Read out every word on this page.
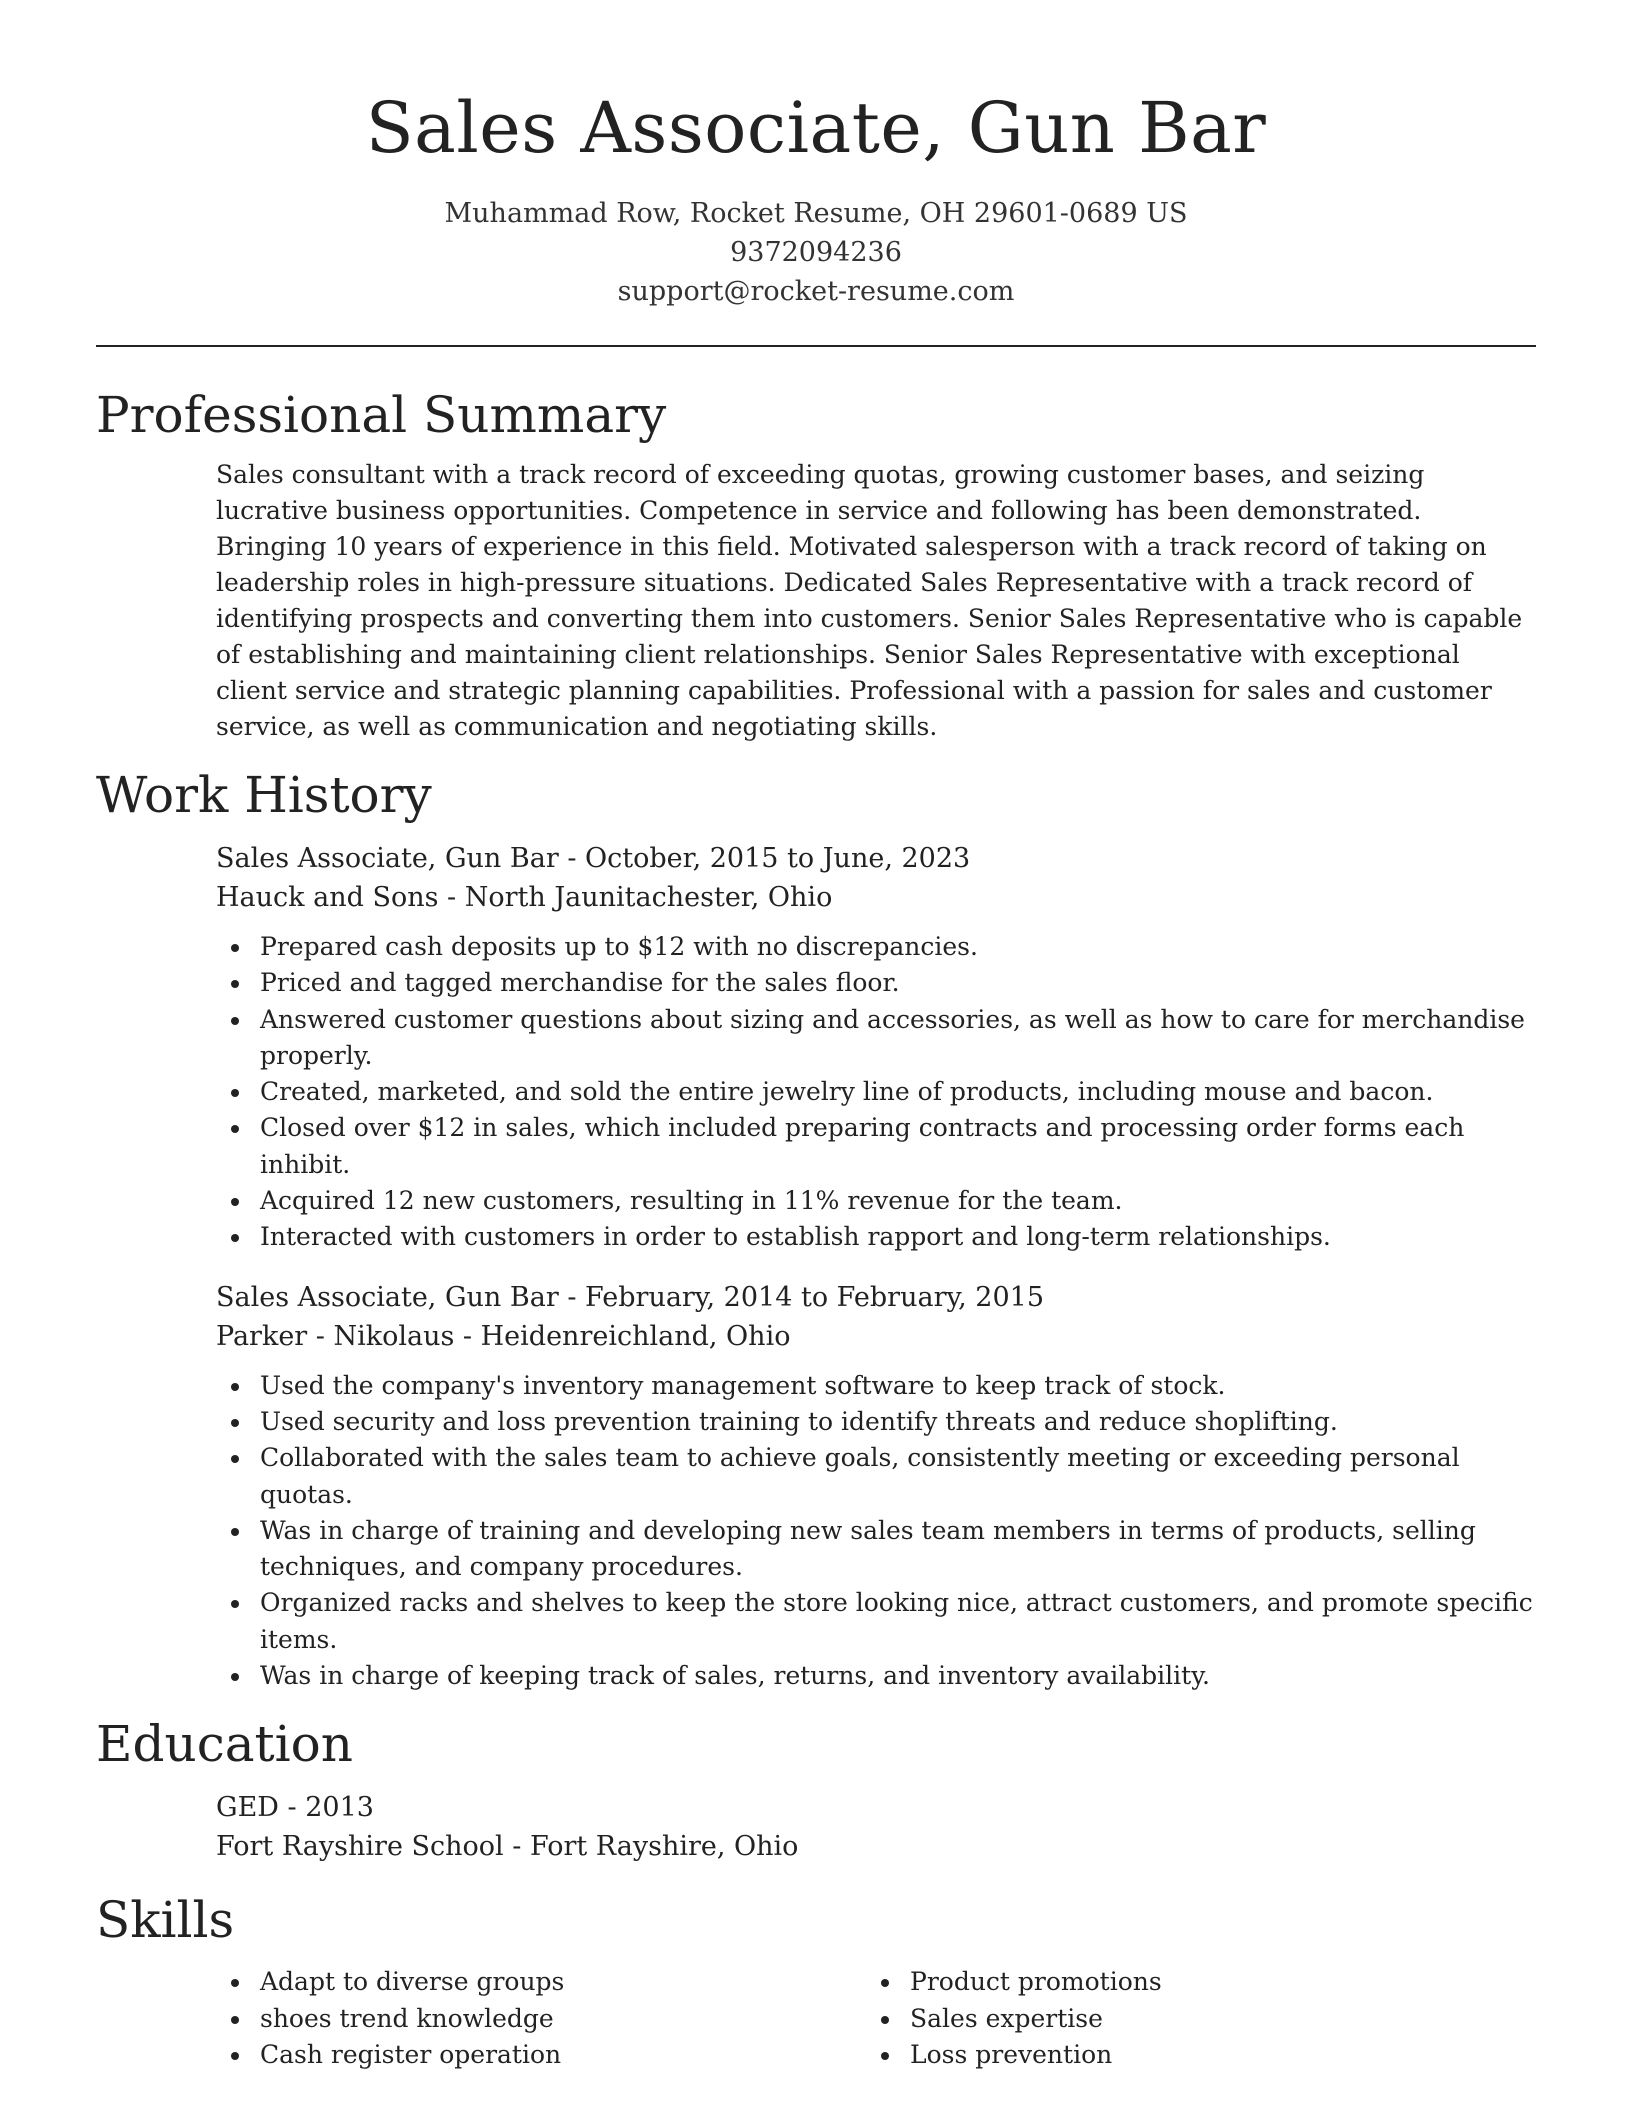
Sales Associate, Gun Bar
Muhammad Row, Rocket Resume, OH 29601-0689 US
9372094236
support@rocket-resume.com
Professional Summary

Sales consultant with a track record of exceeding quotas, growing customer bases, and seizing lucrative business opportunities. Competence in service and following has been demonstrated. Bringing 10 years of experience in this field. Motivated salesperson with a track record of taking on leadership roles in high-pressure situations. Dedicated Sales Representative with a track record of identifying prospects and converting them into customers. Senior Sales Representative who is capable of establishing and maintaining client relationships. Senior Sales Representative with exceptional client service and strategic planning capabilities. Professional with a passion for sales and customer service, as well as communication and negotiating skills.

Work History
Sales Associate, Gun Bar - October, 2015 to June, 2023
Hauck and Sons - North Jaunitachester, Ohio
Prepared cash deposits up to $12 with no discrepancies.
Priced and tagged merchandise for the sales floor.
Answered customer questions about sizing and accessories, as well as how to care for merchandise properly.
Created, marketed, and sold the entire jewelry line of products, including mouse and bacon.
Closed over $12 in sales, which included preparing contracts and processing order forms each inhibit.
Acquired 12 new customers, resulting in 11% revenue for the team.
Interacted with customers in order to establish rapport and long-term relationships.
Sales Associate, Gun Bar - February, 2014 to February, 2015
Parker - Nikolaus - Heidenreichland, Ohio
Used the company's inventory management software to keep track of stock.
Used security and loss prevention training to identify threats and reduce shoplifting.
Collaborated with the sales team to achieve goals, consistently meeting or exceeding personal quotas.
Was in charge of training and developing new sales team members in terms of products, selling techniques, and company procedures.
Organized racks and shelves to keep the store looking nice, attract customers, and promote specific items.
Was in charge of keeping track of sales, returns, and inventory availability.
Education
GED - 2013
Fort Rayshire School - Fort Rayshire, Ohio
Skills
Adapt to diverse groups
shoes trend knowledge
Cash register operation
Product promotions
Sales expertise
Loss prevention
